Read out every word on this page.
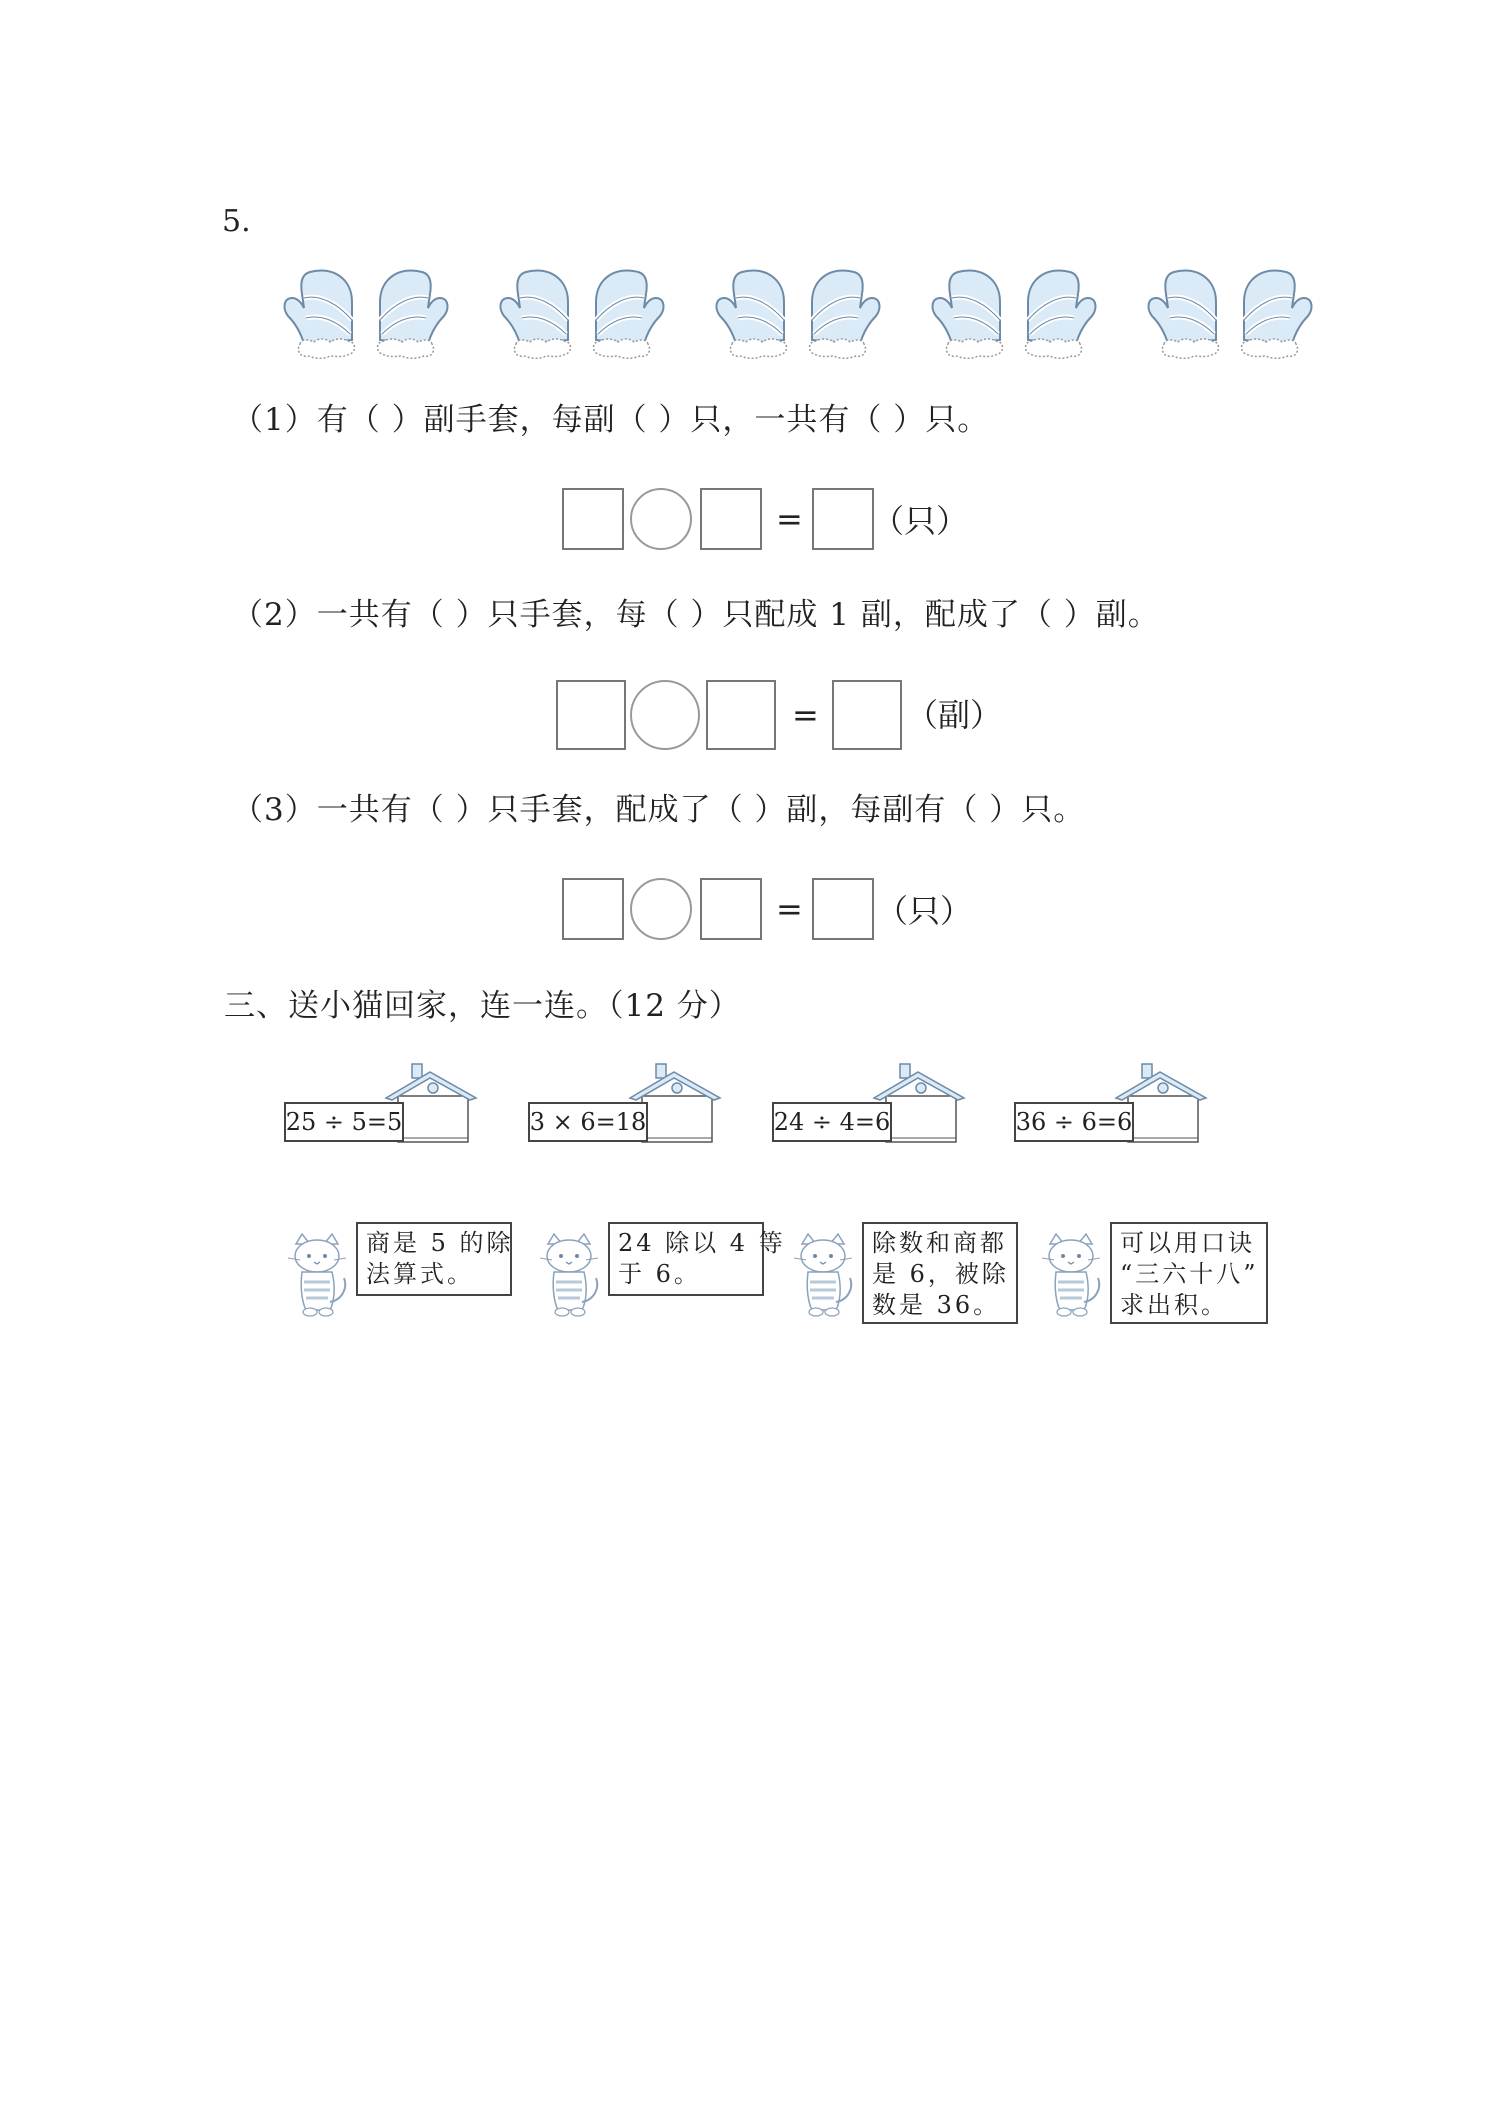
5.
（1）有（ ）副手套，每副（ ）只，一共有（ ）只。
= （只）
（2）一共有（ ）只手套，每（ ）只配成 1 副，配成了（ ）副。
=	（副）
（3）一共有（ ）只手套，配成了（ ）副，每副有（ ）只。
= （只）
三、送小猫回家，连一连。（12 分）
25 ÷ 5=5	3 × 6=18	24 ÷ 4=6	36 ÷ 6=6
商是 5 的除
法算式。
24 除以 4 等
于 6。
除数和商都
是 6，被除
数是 36。
可以用口诀
“三六十八”
求出积。
